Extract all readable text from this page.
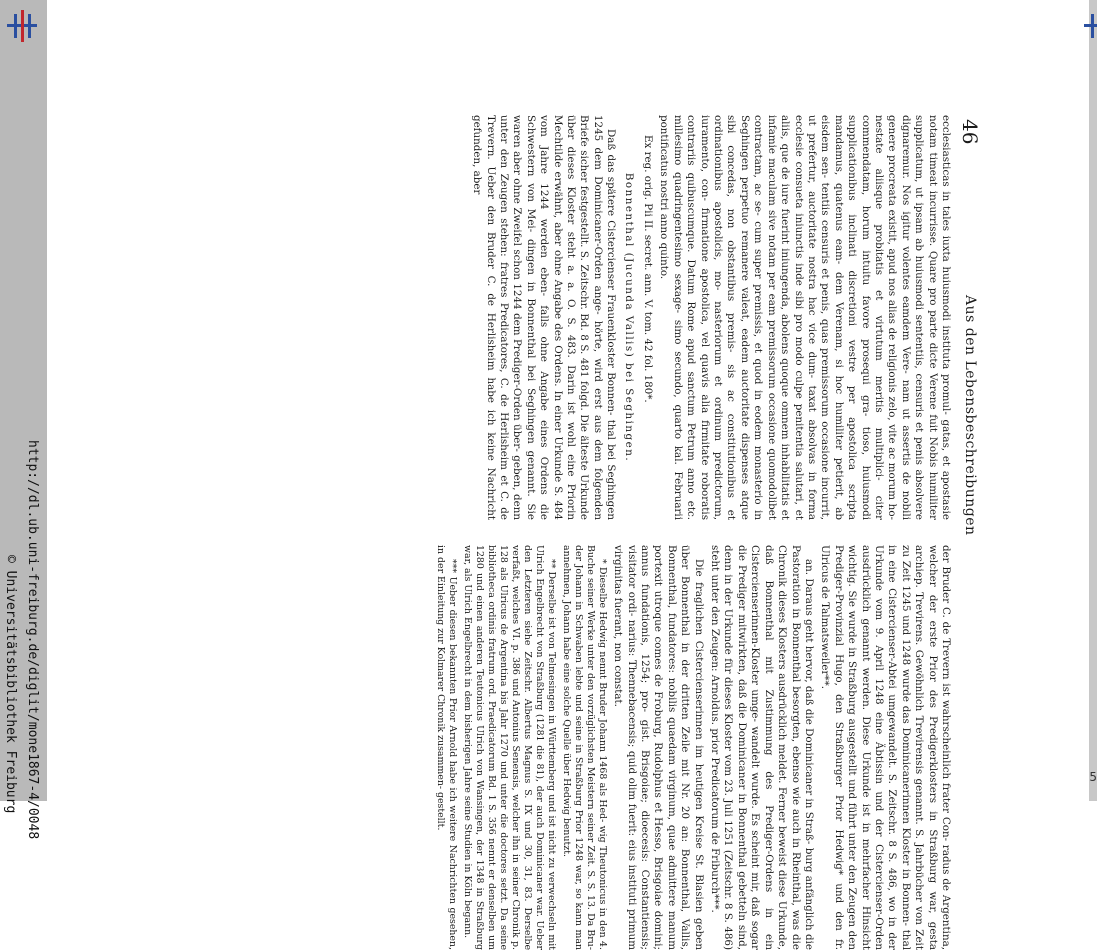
http://dl.ub.uni-freiburg.de/diglit/mone1867-4/0048
© Universitätsbibliothek Freiburg	5
46
Aus den Lebensbeschreibungen

ecclesiasticas in tales iuxta huiusmodi instituta promul- gatas, et apostasie notam timeat incurrisse. Quare pro parte dicte Verene fuit Nobis humiliter supplicatum, ut ipsam ab huiusmodi sententiis, censuris et penis absolvere dignaremur. Nos igitur volentes eamdem Vere- nam ut assertis de nobili genere procreata existit, apud nos alias de religionis zelo, vite ac morum ho- nestate aliisque probitatis et virtutum meritis multiplici- citer commendatam, horum intuitu favore prosequi gra- tioso, huiusmodi supplicationibus inclinati discretioni vestre per apostolica scripta mandamus, quatenus eam- dem Verenam, si hoc humiliter petierit, ab eisdem sen- tentiis censuris et penis, quas premissorum occasione incurrit, ut prefertur, auctoritate nostra hac vice dum- taxat absolvas in forma ecclesie consueta iniunctis inde sibi pro modo culpe penitentia salutari, et aliis, que de iure fuerint iniungenda, abolens quoque omnem inhabilitatis et infamie maculam sive notam per eam premissorum occasione quomodolibet contractam, ac se- cum super premissis, et quod in eodem monasterio in Seghingen perpetuo remanere valeat, eadem auctoritate dispenses atque sibi concedas, non obstantibus premis- sis ac constitutionibus et ordinationibus apostolicis, mo- nasteriorum et ordinum predictorum, iuramento, con- firmatione apostolica, vel quavis alia firmitate roboratis contrariis quibuscumque. Datum Rome apud sanctum Petrum anno etc. millesimo quadringentesimo sexage- simo secundo, quarto kal. Februarii pontificatus nostri anno quinto.

Ex reg. orig. Pii II. secret. ann. V. tom. 42 fol. 180*.

Bonnenthal (Jucunda Vallis) bei Seghingen.

Daß das spätere Cistercienser Frauenkloster Bonnen- thal bei Seghingen 1245 dem Dominicaner-Orden ange- hörte, wird erst aus dem folgenden Briefe sicher festgestellt. S. Zeitschr. Bd. 8 S. 481 folgd. Die älteste Urkunde über dieses Kloster steht a. a. O. S. 483. Darin ist wohl eine Priorin Mechtilde erwähnt, aber ohne Angabe des Ordens. In einer Urkunde S. 484 vom Jahre 1244 werden eben- falls ohne Angabe eines Ordens die Schwestern von Mei- dingen in Bonnenthal bei Seghingen genannt. Sie waren aber ohne Zweifel schon 1244 dem Prediger-Orden über- geben, denn unter den Zeugen stehen: fratres Predicatores, C. de Herlisheim et C. de Trevern. Ueber den Bruder C. de Herlisheim habe ich keine Nachricht gefunden, aber

der Bruder C. de Trevern ist wahrscheinlich frater Con- radus de Argentina, welcher der erste Prior des Predigerklosters in Straßburg war, gesta archiep. Trevirens. Gewöhnlich Trevirensis genannt. S. Jahrbücher von Zeit zu Zeit 1245 und 1248 wurde das Dominicanerinnen Kloster in Bonnen- thal in eine Cistercienser-Abtei umgewandelt. S. Zeitschr. 8 S. 486, wo in der Urkunde vom 9. April 1248 eine Äbtissin und der Cistercienser-Orden ausdrücklich genannt werden. Diese Urkunde ist in mehrfacher Hinsicht wichtig. Sie wurde in Straßburg ausgestellt und führt unter den Zeugen den Prediger-Provinzial Hugo, den Straßburger Prior Hedwig* und den fr. Ulricus de Talmatsweiler**.

an. Daraus geht hervor, daß die Dominicaner in Straß- burg anfänglich die Pastoration in Bonnenthal besorgten, ebenso wie auch in Rheinthal, was die Chronik dieses Klosters ausdrücklich meldet. Ferner beweist diese Urkunde, daß Bonnenthal mit Zustimmung des Prediger-Ordens in ein Cistercienserinnen-Kloster umge- wandelt wurde. Es scheint mir, daß sogar die Prediger mitwirkten, daß die Dominicaner in Bonnenthal gebetteln sind, denn in der Urkunde für dieses Kloster vom 23. Juli 1251 (Zeitschr. 8 S. 486) steht unter den Zeugen: Arnoldus. prior Predicatorum de Friburch***.

Die fraglichen Cistercienserinnen im heutigen Kreise St. Blasien geben über Bonnenthal in der dritten Zeile mit Nr. 20 an: Bonnenthal, Vallis, Bonnenthal, fundatores: nobilis quaedam virginum, quae admittere manum portexit utroque comes de Froburg, Rudolphus et Hesso, Brisgoiae domini; annus fundationis, 1254; pro- gist. Brisgoiae; dioecesis: Constantiensis; visitator ordi- narius: Thennebacensis; quid olim fuerit: eius instituti primum virginitas fuerant, non constat.

* Dieselbe Hedwig nennt Bruder Johann 1468 als Hed- wig Theutonicus in den 4. Buche seiner Werke unter den vorzüglichsten Meistern seiner Zeit. S. S. 13. Da Bru- der Johann in Schwaben lebte und seine in Straßburg Prior 1248 war, so kann man annehmen, Johann habe eine solche Quelle über Hedwig benutzt.

** Derselbe ist von Telmesingen in Württemberg und ist nicht zu verwechseln mit Ulrich Engelbrecht von Straßburg (1281 die 81), der auch Dominicaner war. Ueber den Letzteren siehe Zeitschr. Albertus Magnus S. IX und 30, 31, 83. Derselbe verfaßt, welches VI. p. 386 und Antonius Senensis, welcher ihn in seiner Chronik p. 128 als Ulricus de Argentina bis Jahr 1270 und unter die doctores setzt. Da seine bibliotheca ordinis fratrum ord. Praedicatorum Bd. 1 S. 356 nennt er denselben um 1280 und einen anderen Teutonicus Ulrich von Wansingen, der 1348 in Straßburg war, als Ulrich Engelbrecht in dem bisherigen Jahre seine Studien in Köln begann.

*** Ueber diesen bekannten Prior Arnold habe ich weitere Nachrichten gesehen, in der Einleitung zur Kolmarer Chronik zusammen- gestellt.
